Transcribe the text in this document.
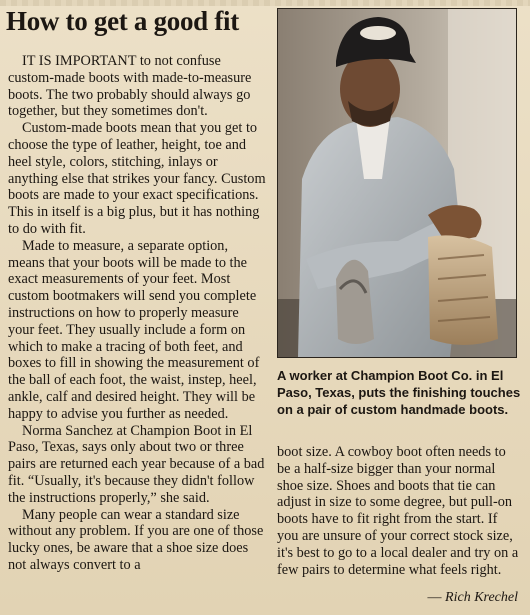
How to get a good fit

IT IS IMPORTANT to not confuse custom-made boots with made-to-measure boots. The two probably should always go together, but they sometimes don't.

Custom-made boots mean that you get to choose the type of leather, height, toe and heel style, colors, stitching, inlays or anything else that strikes your fancy. Custom boots are made to your exact specifications. This in itself is a big plus, but it has nothing to do with fit.

Made to measure, a separate option, means that your boots will be made to the exact measurements of your feet. Most custom bootmakers will send you complete instructions on how to properly measure your feet. They usually include a form on which to make a tracing of both feet, and boxes to fill in showing the measurement of the ball of each foot, the waist, instep, heel, ankle, calf and desired height. They will be happy to advise you further as needed.

Norma Sanchez at Champion Boot in El Paso, Texas, says only about two or three pairs are returned each year because of a bad fit. “Usually, it's because they didn't follow the instructions properly,” she said.

Many people can wear a standard size without any problem. If you are one of those lucky ones, be aware that a shoe size does not always convert to a

A worker at Champion Boot Co. in El Paso, Texas, puts the finishing touches on a pair of custom handmade boots.

boot size. A cowboy boot often needs to be a half-size bigger than your normal shoe size. Shoes and boots that tie can adjust in size to some degree, but pull-on boots have to fit right from the start. If you are unsure of your correct stock size, it's best to go to a local dealer and try on a few pairs to determine what feels right.

— Rich Krechel
